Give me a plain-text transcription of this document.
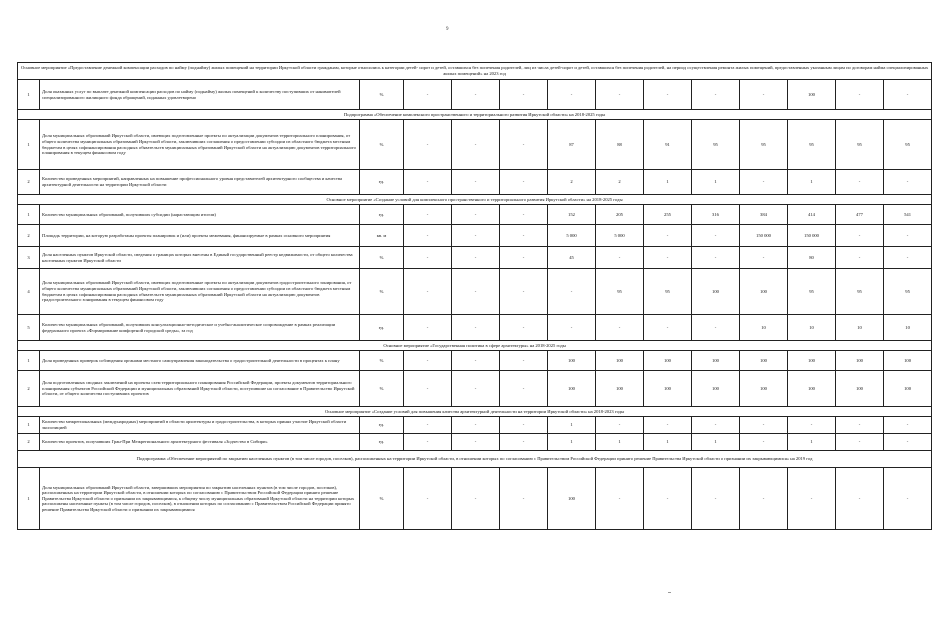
9
Основное мероприятие «Предоставление денежной компенсации расходов по найму (поднайму) жилых помещений на территории Иркутской области гражданам, которые относились к категории детей- сирот и детей, оставшихся без попечения родителей, лиц из числа детей-сирот и детей, оставшихся без попечения родителей, на период осуществления ремонта жилых помещений, предоставленных указанным лицам по договорам найма специализированных жилых помещений» на 2023 год													
1	Доля оказанных услуг по выплате денежной компенсации расходов по найму (поднайму) жилых помещений к количеству поступивших от нанимателей специализированного жилищного фонда обращений, поданных удовлетворено	%	-	-	-	-	-	-	-	-	100	-	-
Подпрограмма «Обеспечение комплексного пространственного и территориального развития Иркутской области» на 2018-2025 годы													
1	Доля муниципальных образований Иркутской области, имеющих подготовленные проекты по актуализации документов территориального планирования, от общего количества муниципальных образований Иркутской области, заключивших соглашения о предоставлении субсидии из областного бюджета местным бюджетам в целях софинансирования расходных обязательств муниципальных образований Иркутской области на актуализацию документов территориального планирования в текущем финансовом году	%	-	-	-	87	88	91	95	95	95	95	95
2	Количество проведенных мероприятий, направленных на повышение профессионального уровня представителей архитектурного сообщества и качества архитектурной деятельности на территории Иркутской области	ед.	-	-	-	2	2	1	1	-	1	-	-
Основное мероприятие «Создание условий для комплексного пространственного и территориального развития Иркутской области» на 2018-2025 годы													
1	Количество муниципальных образований, получивших субсидии (нарастающим итогом)	ед.	-	-	-	152	205	255	316	384	414	477	541
2	Площадь территории, на которую разработаны проекты планировок и (или) проекты межевания, финансируемые в рамках основного мероприятия	кв. м	-	-	-	5 000	5 000	-	-	150 000	150 000	-	-
3	Доля населенных пунктов Иркутской области, сведения о границах которых внесены в Единый государственный реестр недвижимости, от общего количества населенных пунктов Иркутской области	%	-	-	-	45	-	-	-	-	80	-	-
4	Доля муниципальных образований Иркутской области, имеющих подготовленные проекты по актуализации документов градостроительного зонирования, от общего количества муниципальных образований Иркутской области, заключивших соглашения о предоставлении субсидии из областного бюджета местным бюджетам в целях софинансирования расходных обязательств муниципальных образований Иркутской области на актуализацию документов градостроительного зонирования в текущем финансовом году	%	-	-	-	-	95	95	100	100	95	95	95
5	Количество муниципальных образований, получивших консультационно-методическое и учебно-аналитическое сопровождение в рамках реализации федерального проекта «Формирование комфортной городской среды», за год	ед.	-	-	-	-	-	-	-	10	10	10	10
Основное мероприятие «Государственная политика в сфере архитектуры» на 2018-2025 годы													
1	Доля проведенных проверок соблюдения органами местного самоуправления законодательства о градостроительной деятельности в процентах к плану	%	-	-	-	100	100	100	100	100	100	100	100
2	Доля подготовленных сводных заключений на проекты схем территориального планирования Российской Федерации, проекты документов территориального планирования субъектов Российской Федерации и муниципальных образований Иркутской области, поступившие на согласование в Правительство Иркутской области, от общего количества поступивших проектов	%	-	-	-	100	100	100	100	100	100	100	100
Основное мероприятие «Создание условий для повышения качества архитектурной деятельности на территории Иркутской области» на 2018-2023 годы													
1	Количество межрегиональных (международных) мероприятий в области архитектуры и градостроительства, в которых принял участие Иркутской области экспозицией	ед.	-	-	-	1	-	-	-	-	-	-	-
2	Количество проектов, получивших Гран-При Межрегионального архитектурного фестиваля «Зодчество в Сибири»	ед.	-	-	-	1	1	1	1	-	1	-	-
Подпрограмма «Обеспечение мероприятий по закрытию населенных пунктов (в том числе городов, поселков), расположенных на территории Иркутской области, в отношении которых по согласованию с Правительством Российской Федерации принято решение Правительства Иркутской области о признании их закрывающимися» на 2019 год													
1	Доля муниципальных образований Иркутской области, завершивших мероприятия по закрытию населенных пунктов (в том числе городов, поселков), расположенных на территории Иркутской области, в отношении которых по согласованию с Правительством Российской Федерации принято решение Правительства Иркутской области о признании их закрывающимися, к общему числу муниципальных образований Иркутской области на территории которых расположены населенные пункты (в том числе городов, поселков), в отношении которых по согласованию с Правительством Российской Федерации принято решение Правительства Иркутской области о признании их закрывающимися	%	-	-	-	100	-	-	-	-	-	-	-
